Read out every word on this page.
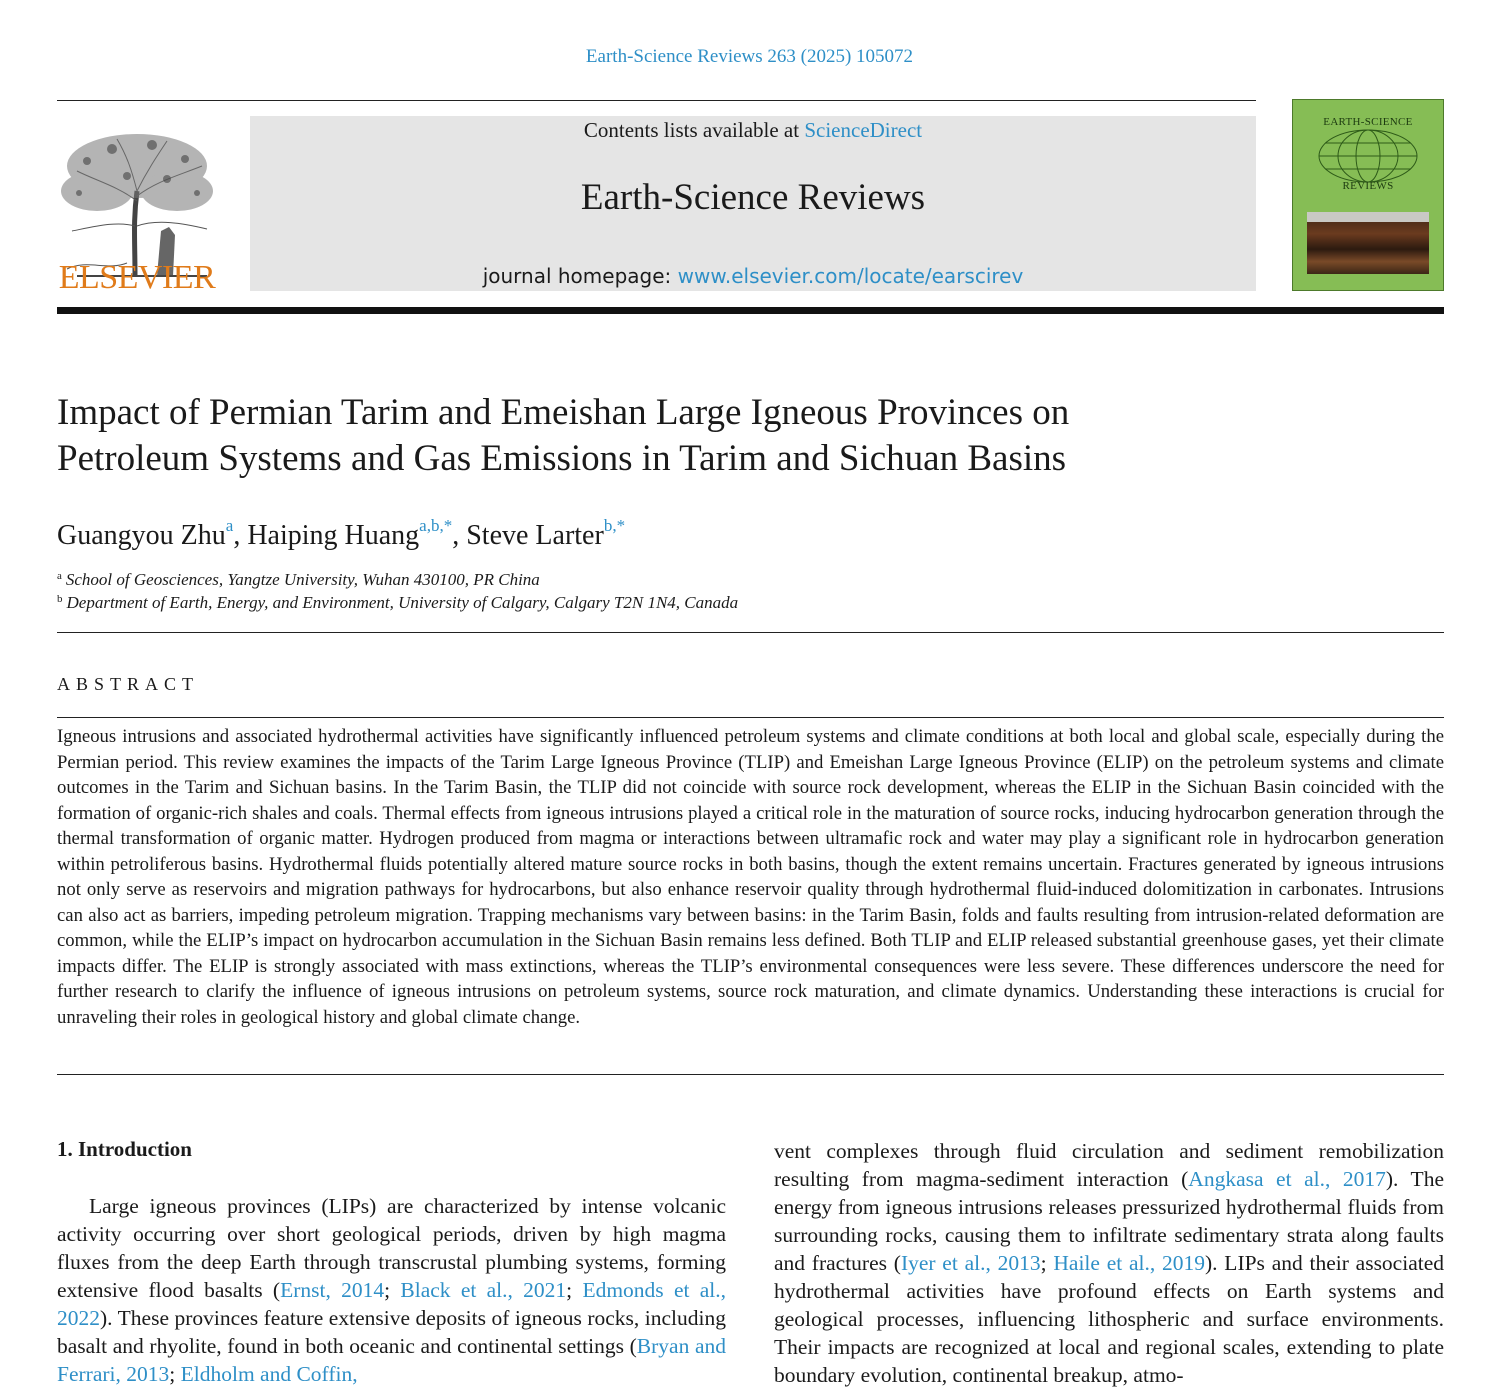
Earth-Science Reviews 263 (2025) 105072
ELSEVIER
Contents lists available at ScienceDirect
Earth-Science Reviews
journal homepage: www.elsevier.com/locate/earscirev
EARTH-SCIENCE
REVIEWS
Impact of Permian Tarim and Emeishan Large Igneous Provinces on
Petroleum Systems and Gas Emissions in Tarim and Sichuan Basins
Guangyou Zhu$^a$, Haiping Huang$^{a,b,*}$, Steve Larter$^{b,*}$
$^a$ School of Geosciences, Yangtze University, Wuhan 430100, PR China
$^b$ Department of Earth, Energy, and Environment, University of Calgary, Calgary T2N 1N4, Canada
ABSTRACT
Igneous intrusions and associated hydrothermal activities have significantly influenced petroleum systems and climate conditions at both local and global scale, especially during the Permian period. This review examines the impacts of the Tarim Large Igneous Province (TLIP) and Emeishan Large Igneous Province (ELIP) on the petroleum systems and climate outcomes in the Tarim and Sichuan basins. In the Tarim Basin, the TLIP did not coincide with source rock development, whereas the ELIP in the Sichuan Basin coincided with the formation of organic-rich shales and coals. Thermal effects from igneous intrusions played a critical role in the maturation of source rocks, inducing hydrocarbon generation through the thermal transformation of organic matter. Hydrogen produced from magma or interactions between ultramafic rock and water may play a significant role in hydrocarbon generation within petroliferous basins. Hydrothermal fluids potentially altered mature source rocks in both basins, though the extent remains uncertain. Fractures generated by igneous intrusions not only serve as reservoirs and migration pathways for hydrocarbons, but also enhance reservoir quality through hydrothermal fluid-induced dolomitization in carbonates. Intrusions can also act as barriers, impeding petroleum migration. Trapping mechanisms vary between basins: in the Tarim Basin, folds and faults resulting from intrusion-related deformation are common, while the ELIP’s impact on hydrocarbon accumulation in the Sichuan Basin remains less defined. Both TLIP and ELIP released substantial greenhouse gases, yet their climate impacts differ. The ELIP is strongly associated with mass extinctions, whereas the TLIP’s environmental consequences were less severe. These differences underscore the need for further research to clarify the influence of igneous intrusions on petroleum systems, source rock maturation, and climate dynamics. Understanding these interactions is crucial for unraveling their roles in geological history and global climate change.
1. Introduction
Large igneous provinces (LIPs) are characterized by intense volcanic activity occurring over short geological periods, driven by high magma fluxes from the deep Earth through transcrustal plumbing systems, forming extensive flood basalts (Ernst, 2014; Black et al., 2021; Edmonds et al., 2022). These provinces feature extensive deposits of igneous rocks, including basalt and rhyolite, found in both oceanic and continental settings (Bryan and Ferrari, 2013; Eldholm and Coffin,
vent complexes through fluid circulation and sediment remobilization resulting from magma-sediment interaction (Angkasa et al., 2017). The energy from igneous intrusions releases pressurized hydrothermal fluids from surrounding rocks, causing them to infiltrate sedimentary strata along faults and fractures (Iyer et al., 2013; Haile et al., 2019). LIPs and their associated hydrothermal activities have profound effects on Earth systems and geological processes, influencing lithospheric and surface environments. Their impacts are recognized at local and regional scales, extending to plate boundary evolution, continental breakup, atmo-
